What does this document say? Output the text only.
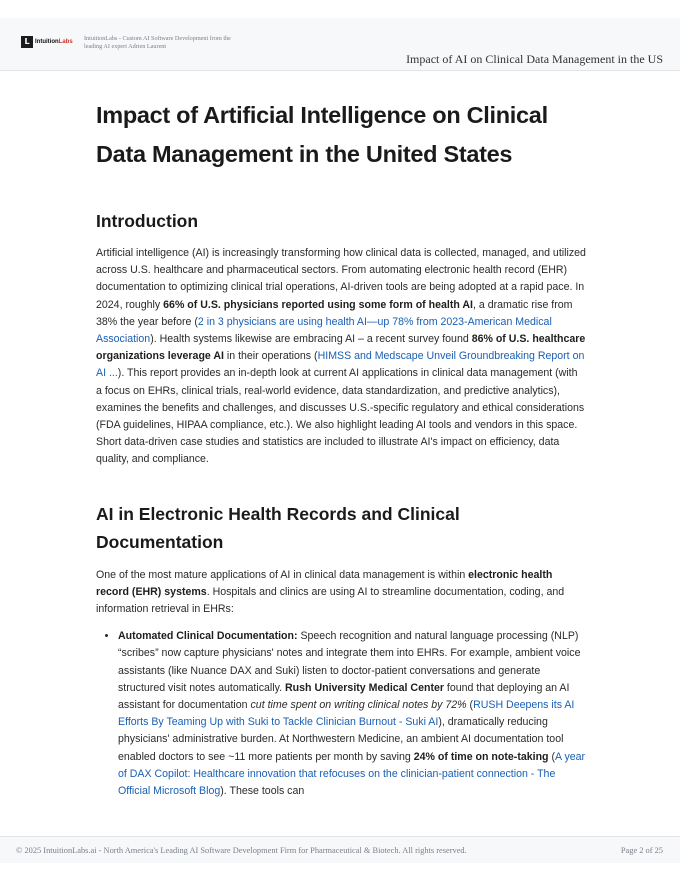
L IntuitionLabs IntuitionLabs - Custom AI Software Development from the leading AI expert Adrien Laurent
Impact of AI on Clinical Data Management in the US
Impact of Artificial Intelligence on Clinical Data Management in the United States
Introduction

Artificial intelligence (AI) is increasingly transforming how clinical data is collected, managed, and utilized across U.S. healthcare and pharmaceutical sectors. From automating electronic health record (EHR) documentation to optimizing clinical trial operations, AI-driven tools are being adopted at a rapid pace. In 2024, roughly 66% of U.S. physicians reported using some form of health AI, a dramatic rise from 38% the year before (2 in 3 physicians are using health AI—up 78% from 2023-American Medical Association). Health systems likewise are embracing AI – a recent survey found 86% of U.S. healthcare organizations leverage AI in their operations (HIMSS and Medscape Unveil Groundbreaking Report on AI ...). This report provides an in-depth look at current AI applications in clinical data management (with a focus on EHRs, clinical trials, real-world evidence, data standardization, and predictive analytics), examines the benefits and challenges, and discusses U.S.-specific regulatory and ethical considerations (FDA guidelines, HIPAA compliance, etc.). We also highlight leading AI tools and vendors in this space. Short data-driven case studies and statistics are included to illustrate AI's impact on efficiency, data quality, and compliance.

AI in Electronic Health Records and Clinical Documentation

One of the most mature applications of AI in clinical data management is within electronic health record (EHR) systems. Hospitals and clinics are using AI to streamline documentation, coding, and information retrieval in EHRs:

• Automated Clinical Documentation: Speech recognition and natural language processing (NLP) “scribes” now capture physicians' notes and integrate them into EHRs. For example, ambient voice assistants (like Nuance DAX and Suki) listen to doctor-patient conversations and generate structured visit notes automatically. Rush University Medical Center found that deploying an AI assistant for documentation cut time spent on writing clinical notes by 72% (RUSH Deepens its AI Efforts By Teaming Up with Suki to Tackle Clinician Burnout - Suki AI), dramatically reducing physicians' administrative burden. At Northwestern Medicine, an ambient AI documentation tool enabled doctors to see ~11 more patients per month by saving 24% of time on note-taking (A year of DAX Copilot: Healthcare innovation that refocuses on the clinician-patient connection - The Official Microsoft Blog). These tools can
© 2025 IntuitionLabs.ai - North America's Leading AI Software Development Firm for Pharmaceutical & Biotech. All rights reserved.	Page 2 of 25
